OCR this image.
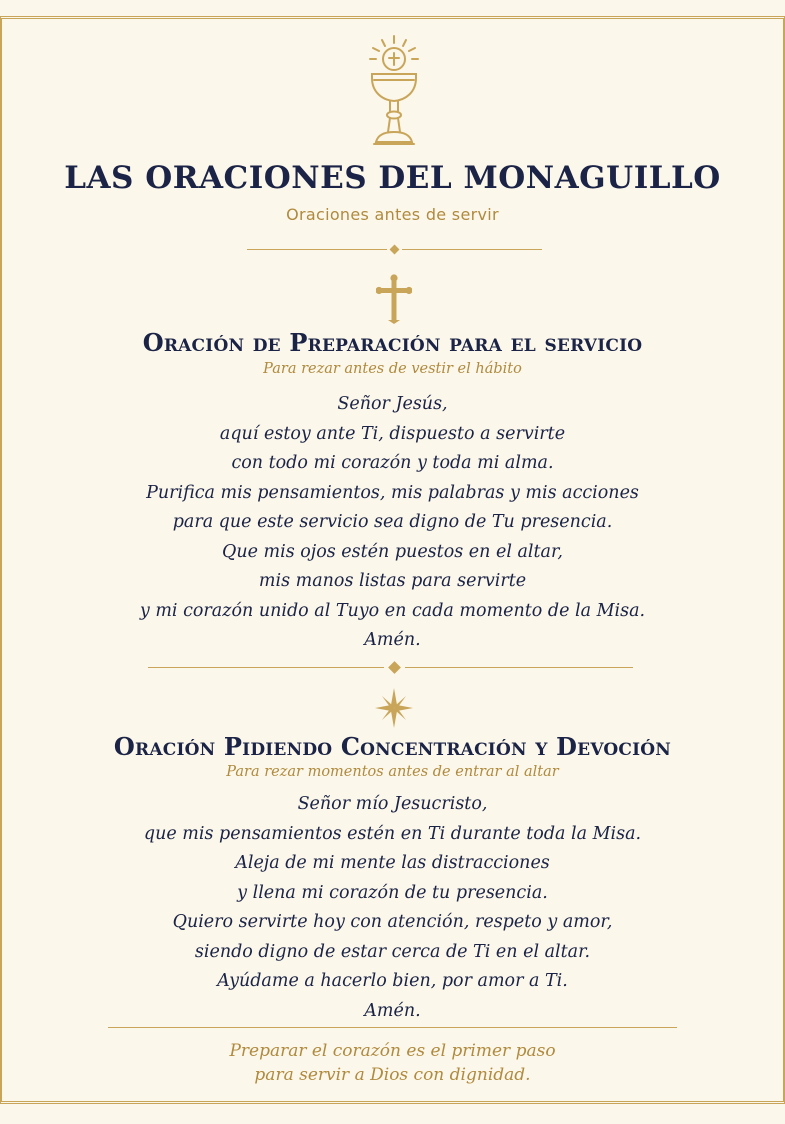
LAS ORACIONES DEL MONAGUILLO
Oraciones antes de servir
Oración de Preparación para el servicio
Para rezar antes de vestir el hábito
Señor Jesús,
aquí estoy ante Ti, dispuesto a servirte
con todo mi corazón y toda mi alma.
Purifica mis pensamientos, mis palabras y mis acciones
para que este servicio sea digno de Tu presencia.
Que mis ojos estén puestos en el altar,
mis manos listas para servirte
y mi corazón unido al Tuyo en cada momento de la Misa.
Amén.
Oración Pidiendo Concentración y Devoción
Para rezar momentos antes de entrar al altar
Señor mío Jesucristo,
que mis pensamientos estén en Ti durante toda la Misa.
Aleja de mi mente las distracciones
y llena mi corazón de tu presencia.
Quiero servirte hoy con atención, respeto y amor,
siendo digno de estar cerca de Ti en el altar.
Ayúdame a hacerlo bien, por amor a Ti.
Amén.
Preparar el corazón es el primer paso
para servir a Dios con dignidad.
